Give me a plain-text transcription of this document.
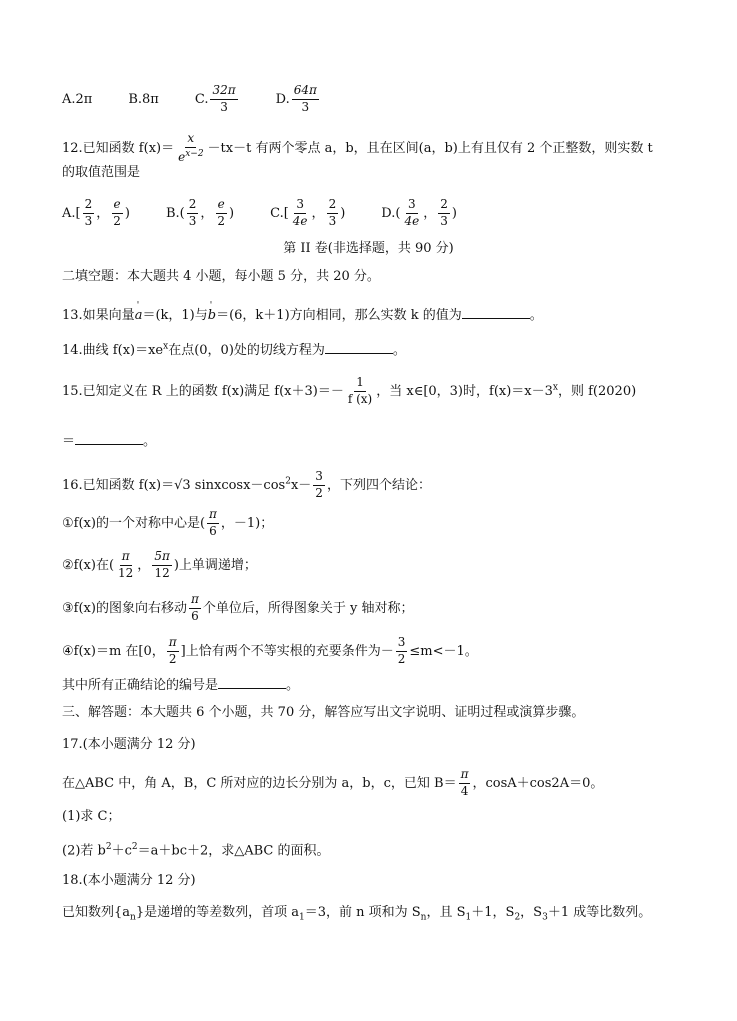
A.2π	B.8π	C. $\frac{32\pi}{3}$	D. $\frac{64\pi}{3}$
12.已知函数 $f(x)= \frac{x}{e^{x-2}} -tx-t$ 有两个零点 a，b，且在区间(a，b)上有且仅有 2 个正整数，则实数 t
的取值范围是
$A.[ \frac{2}{3}$ ， $\frac{e}{2}$ )	$B.( \frac{2}{3}$ ， $\frac{e}{2}$ )	$C.[ \frac{3}{4e}$ ， $\frac{2}{3}$ )	$D.( \frac{3}{4e}$ ， $\frac{2}{3}$ )
第 II 卷(非选择题，共 90 分)
二填空题：本大题共 4 小题，每小题 5 分，共 20 分。
13.如果向量' a＝(k，1)与' b＝(6，k＋1)方向相同，那么实数 k 的值为	。
14.曲线 $f(x)=xe^x$在点(0，0)处的切线方程为	。
15.已知定义在 R 上的函数 f(x)满足 $f(x+3)=- \frac{1}{f (x)}$ ，当 x∈[0，3)时，$f(x)=x-3^x$，则 f(2020)
＝	。
16.已知函数 f(x)＝√3 $sinxcosx-\cos^2x- \frac{3}{2}$ ，下列四个结论：
①f(x)的一个对称中心是( $\frac{\pi}{6}$ ，－1)；
②f(x)在( $\frac{\pi}{12}$ ， $\frac{5\pi}{12}$ )上单调递增；
③f(x)的图象向右移动 $\frac{\pi}{6}$ 个单位后，所得图象关于 y 轴对称；
④f(x)＝m 在[0， $\frac{\pi}{2}$ ]上恰有两个不等实根的充要条件为－ $\frac{3}{2} \le m<-1$。
其中所有正确结论的编号是	。
三、解答题：本大题共 6 个小题，共 70 分，解答应写出文字说明、证明过程或演算步骤。
17.(本小题满分 12 分)
在△ABC 中，角 A，B，C 所对应的边长分别为 a，b，c，已知 $B= \frac{\pi}{4}$ ，cosA＋cos2A＝0。
(1)求 C；
(2)若 $b^2+c^2=a+bc+2$，求△ABC 的面积。
18.(本小题满分 12 分)
已知数列$\{a_n\}$是递增的等差数列，首项 $a_1=3$，前 n 项和为 $S_n$，且 $S_1+1$，$S_2$，$S_3+1$ 成等比数列。
